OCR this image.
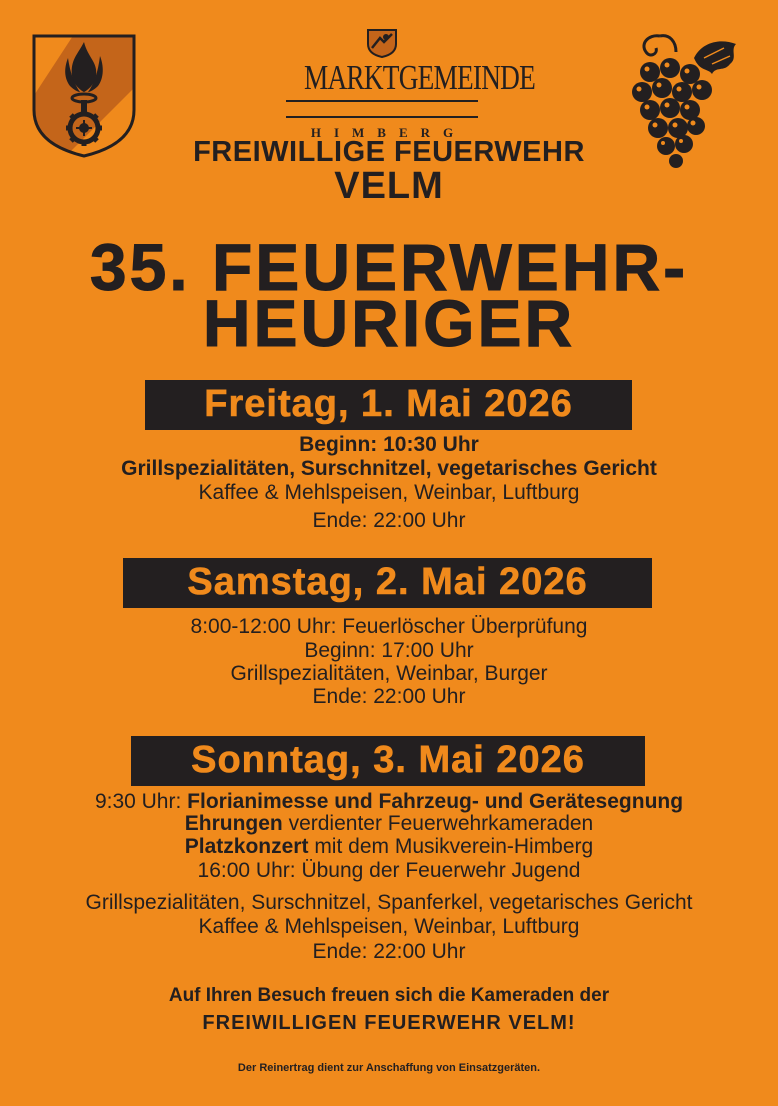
MARKTGEMEINDE
HIMBERG
FREIWILLIGE FEUERWEHR
VELM
35. FEUERWEHR-
HEURIGER
Freitag, 1. Mai 2026
Beginn: 10:30 Uhr
Grillspezialitäten, Surschnitzel, vegetarisches Gericht
Kaffee & Mehlspeisen, Weinbar, Luftburg
Ende: 22:00 Uhr
Samstag, 2. Mai 2026
8:00-12:00 Uhr: Feuerlöscher Überprüfung
Beginn: 17:00 Uhr
Grillspezialitäten, Weinbar, Burger
Ende: 22:00 Uhr
Sonntag, 3. Mai 2026
9:30 Uhr: Florianimesse und Fahrzeug- und Gerätesegnung
Ehrungen verdienter Feuerwehrkameraden
Platzkonzert mit dem Musikverein-Himberg
16:00 Uhr: Übung der Feuerwehr Jugend
Grillspezialitäten, Surschnitzel, Spanferkel, vegetarisches Gericht
Kaffee & Mehlspeisen, Weinbar, Luftburg
Ende: 22:00 Uhr
Auf Ihren Besuch freuen sich die Kameraden der
FREIWILLIGEN FEUERWEHR VELM!
Der Reinertrag dient zur Anschaffung von Einsatzgeräten.
